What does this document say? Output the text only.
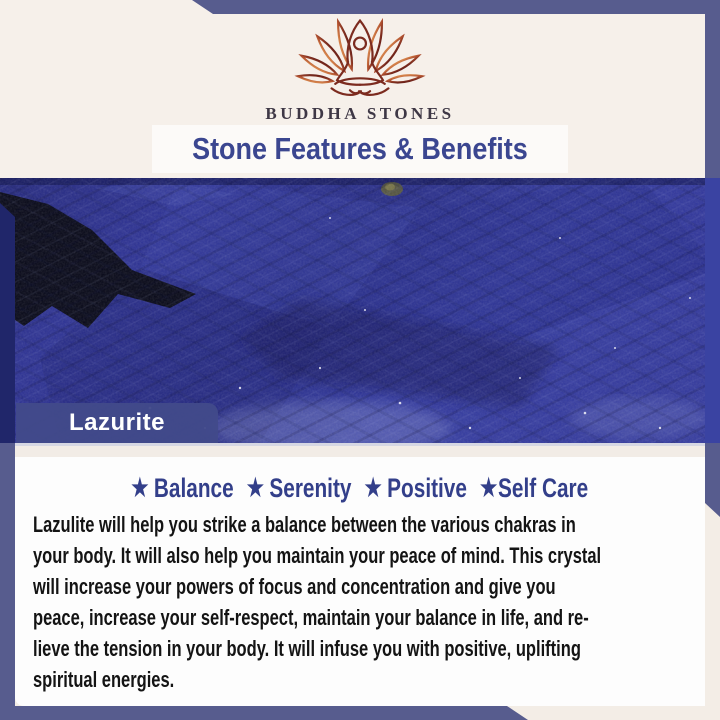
BUDDHA STONES
Stone Features & Benefits
Lazurite
★ Balance ★ Serenity ★ Positive ★ Self Care
Lazulite will help you strike a balance between the various chakras in
your body. It will also help you maintain your peace of mind. This crystal
will increase your powers of focus and concentration and give you
peace, increase your self-respect, maintain your balance in life, and re-
lieve the tension in your body. It will infuse you with positive, uplifting
spiritual energies.
